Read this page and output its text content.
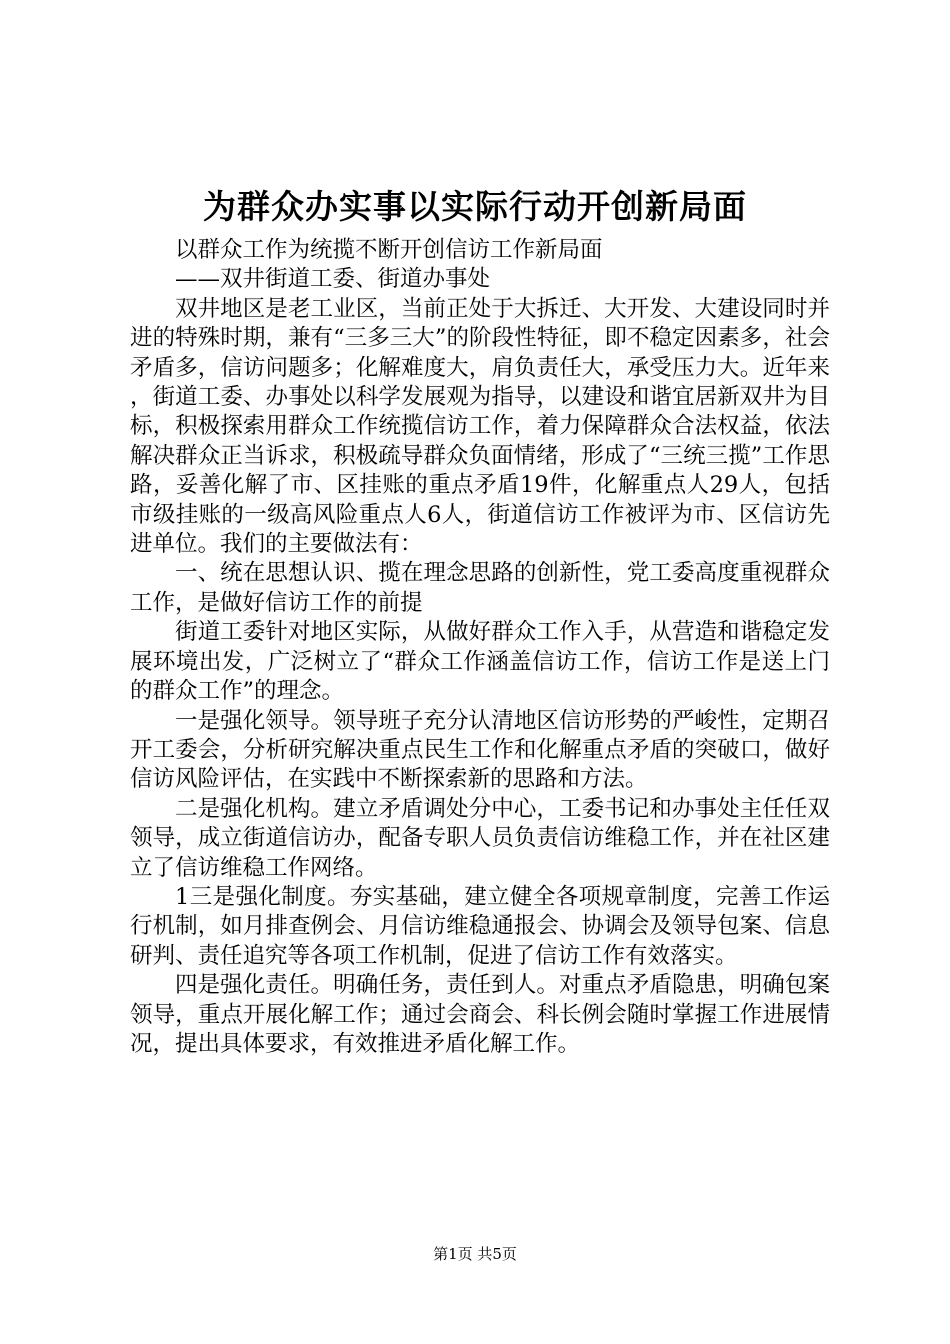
为群众办实事以实际行动开创新局面

以群众工作为统揽不断开创信访工作新局面

——双井街道工委、街道办事处

双井地区是老工业区，当前正处于大拆迁、大开发、大建设同时并进的特殊时期，兼有“三多三大”的阶段性特征，即不稳定因素多，社会矛盾多，信访问题多；化解难度大，肩负责任大，承受压力大。近年来，街道工委、办事处以科学发展观为指导，以建设和谐宜居新双井为目标，积极探索用群众工作统揽信访工作，着力保障群众合法权益，依法解决群众正当诉求，积极疏导群众负面情绪，形成了“三统三揽”工作思路，妥善化解了市、区挂账的重点矛盾19件，化解重点人29人，包括市级挂账的一级高风险重点人6人，街道信访工作被评为市、区信访先进单位。我们的主要做法有：

一、统在思想认识、揽在理念思路的创新性，党工委高度重视群众工作，是做好信访工作的前提

街道工委针对地区实际，从做好群众工作入手，从营造和谐稳定发展环境出发，广泛树立了“群众工作涵盖信访工作，信访工作是送上门的群众工作”的理念。

一是强化领导。领导班子充分认清地区信访形势的严峻性，定期召开工委会，分析研究解决重点民生工作和化解重点矛盾的突破口，做好信访风险评估，在实践中不断探索新的思路和方法。

二是强化机构。建立矛盾调处分中心，工委书记和办事处主任任双领导，成立街道信访办，配备专职人员负责信访维稳工作，并在社区建立了信访维稳工作网络。

1三是强化制度。夯实基础，建立健全各项规章制度，完善工作运行机制，如月排查例会、月信访维稳通报会、协调会及领导包案、信息研判、责任追究等各项工作机制，促进了信访工作有效落实。

四是强化责任。明确任务，责任到人。对重点矛盾隐患，明确包案领导，重点开展化解工作；通过会商会、科长例会随时掌握工作进展情况，提出具体要求，有效推进矛盾化解工作。

第1页 共5页
